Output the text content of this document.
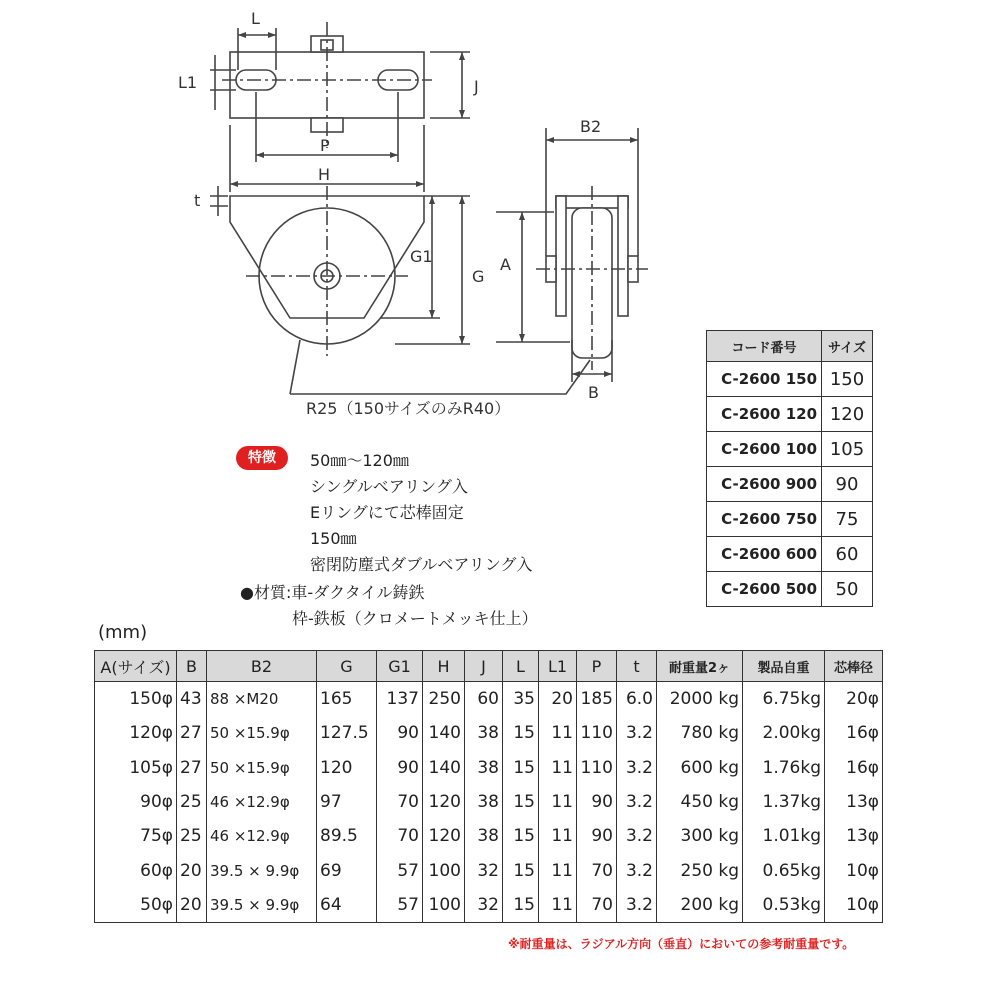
L
L1	J
P
H
t
G1
G
A
B2
B
R25（150サイズのみR40）
コード番号	サイズ
C-2600 150	150
C-2600 120	120
C-2600 100	105
C-2600 900	90
C-2600 750	75
C-2600 600	60
C-2600 500	50
特徴	50㎜～120㎜
シングルベアリング入
Eリングにて芯棒固定
150㎜
密閉防塵式ダブルベアリング入
●材質:車-ダクタイル鋳鉄
枠-鉄板（クロメートメッキ仕上）
(mm)
A(サイズ)	B	B2	G	G1	H	J	L	L1	P	t	耐重量2ヶ	製品自重	芯棒径
150φ	43	88 ×M20	165	137	250	60	35	20	185	6.0	2000 kg	6.75kg	20φ
120φ	27	50 ×15.9φ	127.5	90	140	38	15	11	110	3.2	780 kg	2.00kg	16φ
105φ	27	50 ×15.9φ	120	90	140	38	15	11	110	3.2	600 kg	1.76kg	16φ
90φ	25	46 ×12.9φ	97	70	120	38	15	11	90	3.2	450 kg	1.37kg	13φ
75φ	25	46 ×12.9φ	89.5	70	120	38	15	11	90	3.2	300 kg	1.01kg	13φ
60φ	20	39.5 × 9.9φ	69	57	100	32	15	11	70	3.2	250 kg	0.65kg	10φ
50φ	20	39.5 × 9.9φ	64	57	100	32	15	11	70	3.2	200 kg	0.53kg	10φ
※耐重量は、ラジアル方向（垂直）においての参考耐重量です。
